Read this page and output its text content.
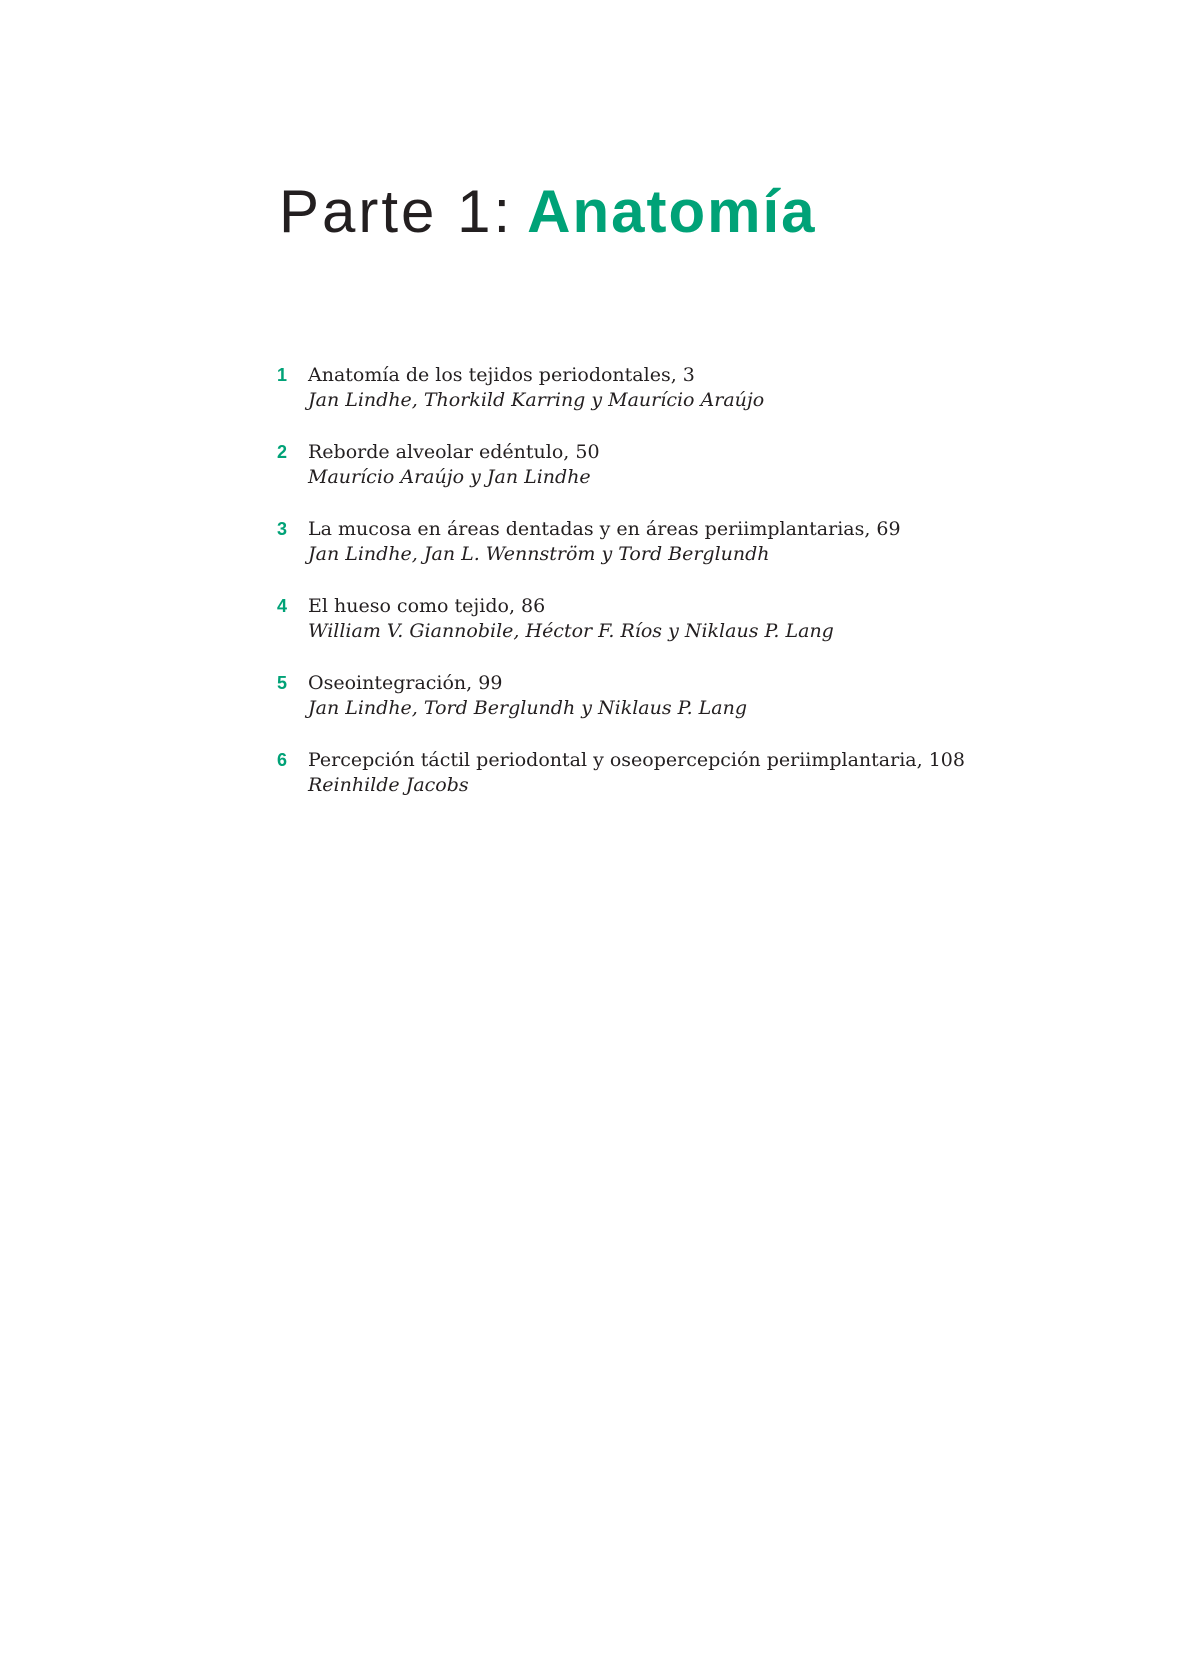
Parte 1: Anatomía
1 Anatomía de los tejidos periodontales, 3
Jan Lindhe, Thorkild Karring y Maurício Araújo
2 Reborde alveolar edéntulo, 50
Maurício Araújo y Jan Lindhe
3 La mucosa en áreas dentadas y en áreas periimplantarias, 69
Jan Lindhe, Jan L. Wennström y Tord Berglundh
4 El hueso como tejido, 86
William V. Giannobile, Héctor F. Ríos y Niklaus P. Lang
5 Oseointegración, 99
Jan Lindhe, Tord Berglundh y Niklaus P. Lang
6 Percepción táctil periodontal y oseopercepción periimplantaria, 108
Reinhilde Jacobs
